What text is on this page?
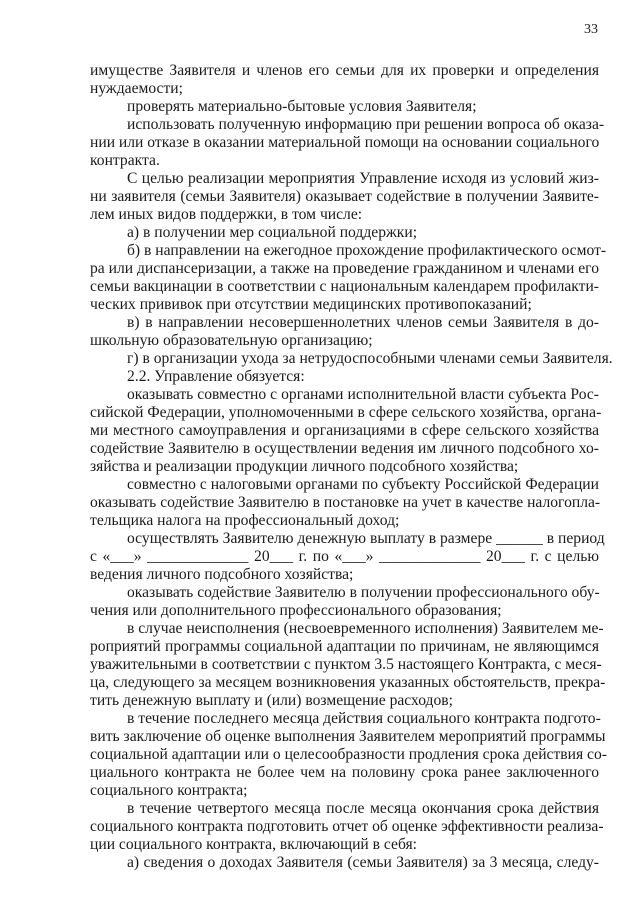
33
имуществе Заявителя и членов его семьи для их проверки и определения
нуждаемости;
проверять материально-бытовые условия Заявителя;
использовать полученную информацию при решении вопроса об оказа-
нии или отказе в оказании материальной помощи на основании социального
контракта.
С целью реализации мероприятия Управление исходя из условий жиз-
ни заявителя (семьи Заявителя) оказывает содействие в получении Заявите-
лем иных видов поддержки, в том числе:
а) в получении мер социальной поддержки;
б) в направлении на ежегодное прохождение профилактического осмот-
ра или диспансеризации, а также на проведение гражданином и членами его
семьи вакцинации в соответствии с национальным календарем профилакти-
ческих прививок при отсутствии медицинских противопоказаний;
в) в направлении несовершеннолетних членов семьи Заявителя в до-
школьную образовательную организацию;
г) в организации ухода за нетрудоспособными членами семьи Заявителя.
2.2. Управление обязуется:
оказывать совместно с органами исполнительной власти субъекта Рос-
сийской Федерации, уполномоченными в сфере сельского хозяйства, органа-
ми местного самоуправления и организациями в сфере сельского хозяйства
содействие Заявителю в осуществлении ведения им личного подсобного хо-
зяйства и реализации продукции личного подсобного хозяйства;
совместно с налоговыми органами по субъекту Российской Федерации
оказывать содействие Заявителю в постановке на учет в качестве налогопла-
тельщика налога на профессиональный доход;
осуществлять Заявителю денежную выплату в размере ______ в период
с «___» _____________ 20___ г. по «___» _____________ 20___ г. с целью
ведения личного подсобного хозяйства;
оказывать содействие Заявителю в получении профессионального обу-
чения или дополнительного профессионального образования;
в случае неисполнения (несвоевременного исполнения) Заявителем ме-
роприятий программы социальной адаптации по причинам, не являющимся
уважительными в соответствии с пунктом 3.5 настоящего Контракта, с меся-
ца, следующего за месяцем возникновения указанных обстоятельств, прекра-
тить денежную выплату и (или) возмещение расходов;
в течение последнего месяца действия социального контракта подгото-
вить заключение об оценке выполнения Заявителем мероприятий программы
социальной адаптации или о целесообразности продления срока действия со-
циального контракта не более чем на половину срока ранее заключенного
социального контракта;
в течение четвертого месяца после месяца окончания срока действия
социального контракта подготовить отчет об оценке эффективности реализа-
ции социального контракта, включающий в себя:
а) сведения о доходах Заявителя (семьи Заявителя) за 3 месяца, следу-
